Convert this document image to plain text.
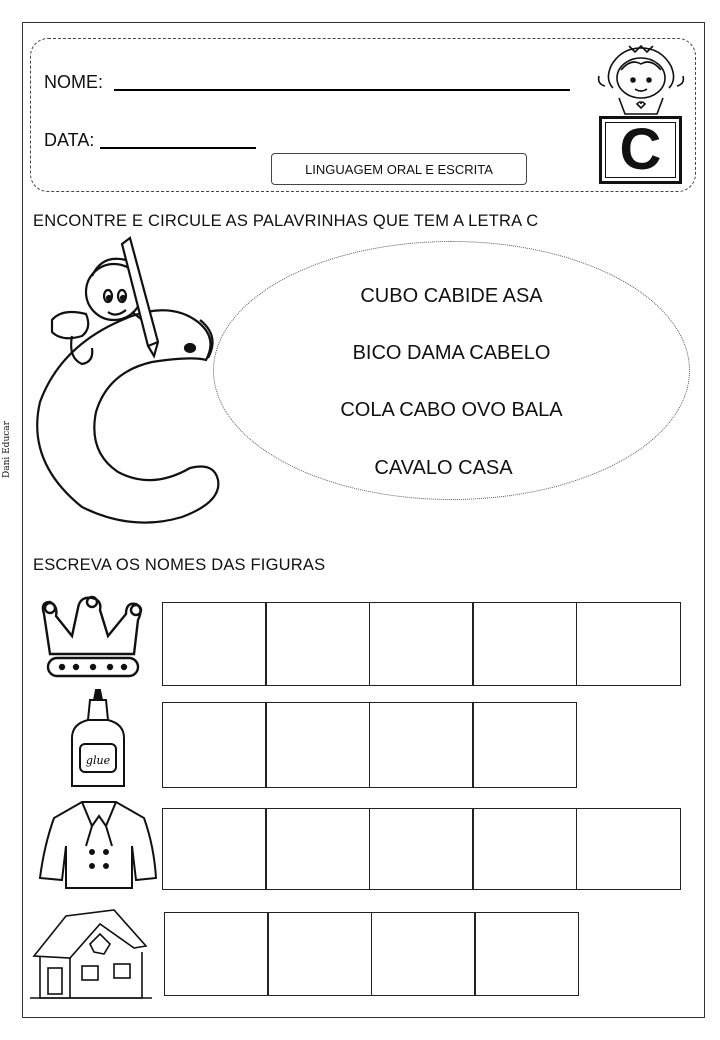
NOME:
DATA:
LINGUAGEM ORAL E ESCRITA	C
ENCONTRE E CIRCULE AS PALAVRINHAS QUE TEM A LETRA C
CUBO CABIDE ASA
BICO DAMA CABELO
COLA CABO OVO BALA
CAVALO CASA
Dani Educar
ESCREVA OS NOMES DAS FIGURAS
glue
